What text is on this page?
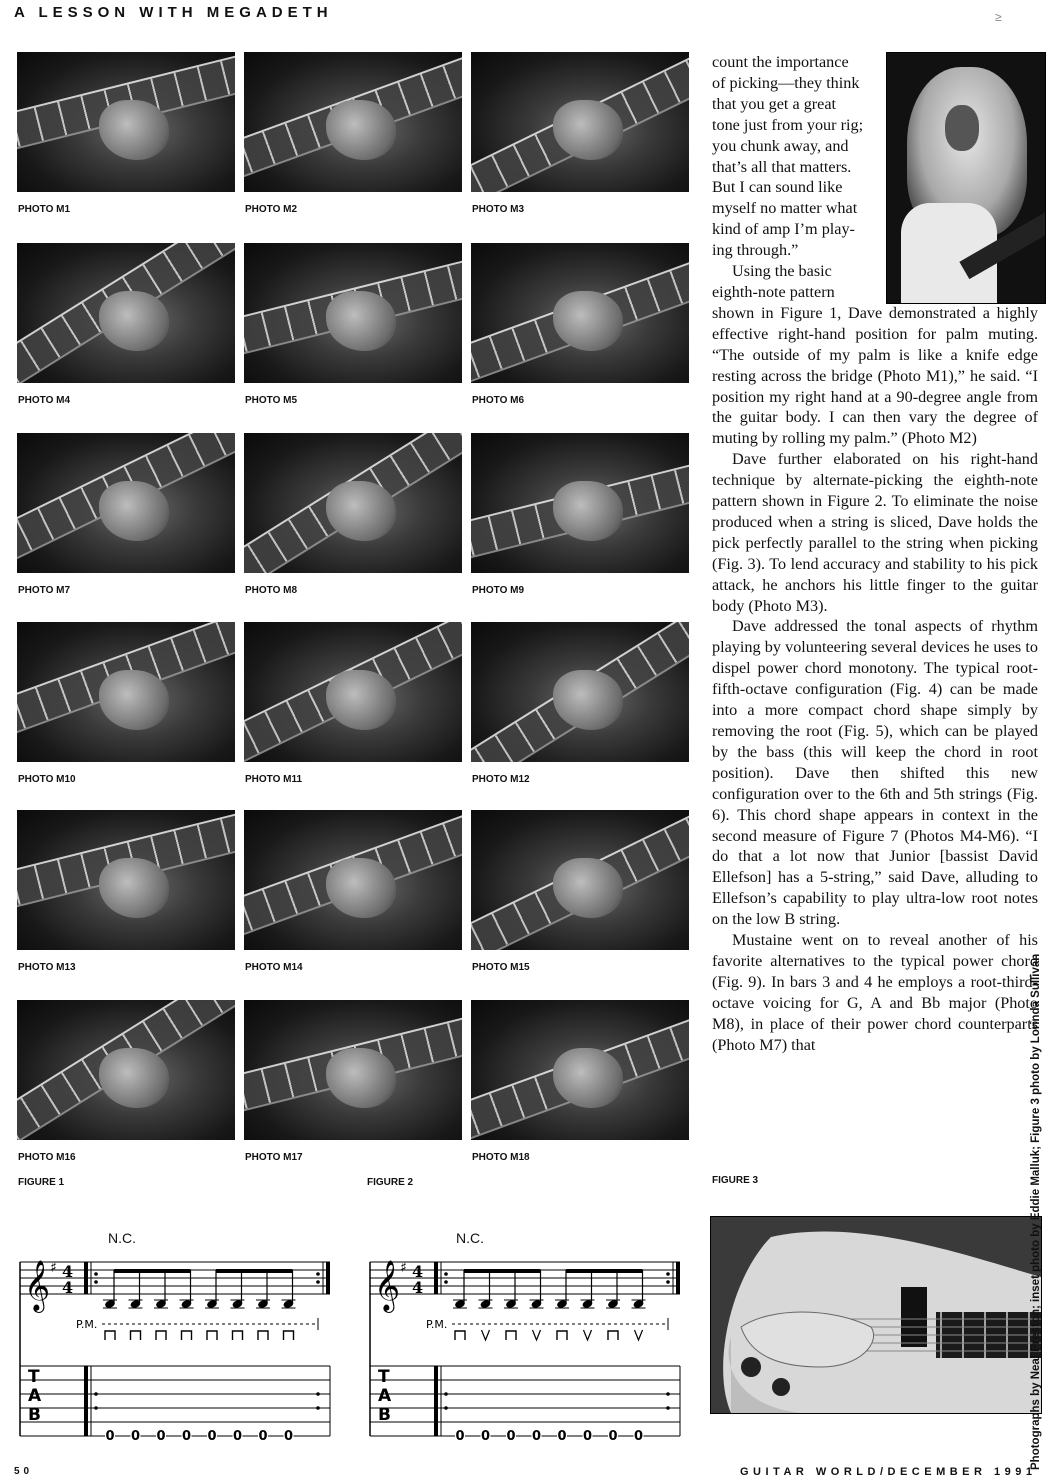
A LESSON WITH MEGADETH	≥
PHOTO M1	PHOTO M2	PHOTO M3
PHOTO M4	PHOTO M5	PHOTO M6
PHOTO M7	PHOTO M8	PHOTO M9
PHOTO M10	PHOTO M11	PHOTO M12
PHOTO M13	PHOTO M14	PHOTO M15
PHOTO M16	PHOTO M17	PHOTO M18
count the importance
of picking—they think
that you get a great
tone just from your rig;
you chunk away, and
that’s all that matters.
But I can sound like
myself no matter what
kind of amp I’m play-
ing through.”
Using the basic
eighth-note pattern

shown in Figure 1, Dave demonstrated a highly effective right-hand position for palm muting. “The outside of my palm is like a knife edge resting across the bridge (Photo M1),” he said. “I position my right hand at a 90-degree angle from the guitar body. I can then vary the degree of muting by rolling my palm.” (Photo M2)

Dave further elaborated on his right-hand technique by alternate-picking the eighth-note pattern shown in Figure 2. To eliminate the noise produced when a string is sliced, Dave holds the pick perfectly parallel to the string when picking (Fig. 3). To lend accuracy and stability to his pick attack, he anchors his little finger to the guitar body (Photo M3).

Dave addressed the tonal aspects of rhythm playing by volunteering several devices he uses to dispel power chord monotony. The typical root-fifth-octave configuration (Fig. 4) can be made into a more compact chord shape simply by removing the root (Fig. 5), which can be played by the bass (this will keep the chord in root position). Dave then shifted this new configuration over to the 6th and 5th strings (Fig. 6). This chord shape appears in context in the second measure of Figure 7 (Photos M4-M6). “I do that a lot now that Junior [bassist David Ellefson] has a 5-string,” said Dave, alluding to Ellefson’s capability to play ultra-low root notes on the low B string.

Mustaine went on to reveal another of his favorite alternatives to the typical power chord (Fig. 9). In bars 3 and 4 he employs a root-third-octave voicing for G, A and Bb major (Photo M8), in place of their power chord counterparts (Photo M7) that

FIGURE 1	FIGURE 2	FIGURE 3
N.C.	N.C.
𝄞 ♯ 4
4
P.M.
T
A
B
0 0 0 0 0 0 0 0
𝄞 ♯ 4
4
P.M.
T
A
B
0 0 0 0 0 0 0 0	Photographs by Neal Preston; inset photo by Eddie Malluk; Figure 3 photo by Lorinda Sullivan
50	GUITAR WORLD/DECEMBER 1991
